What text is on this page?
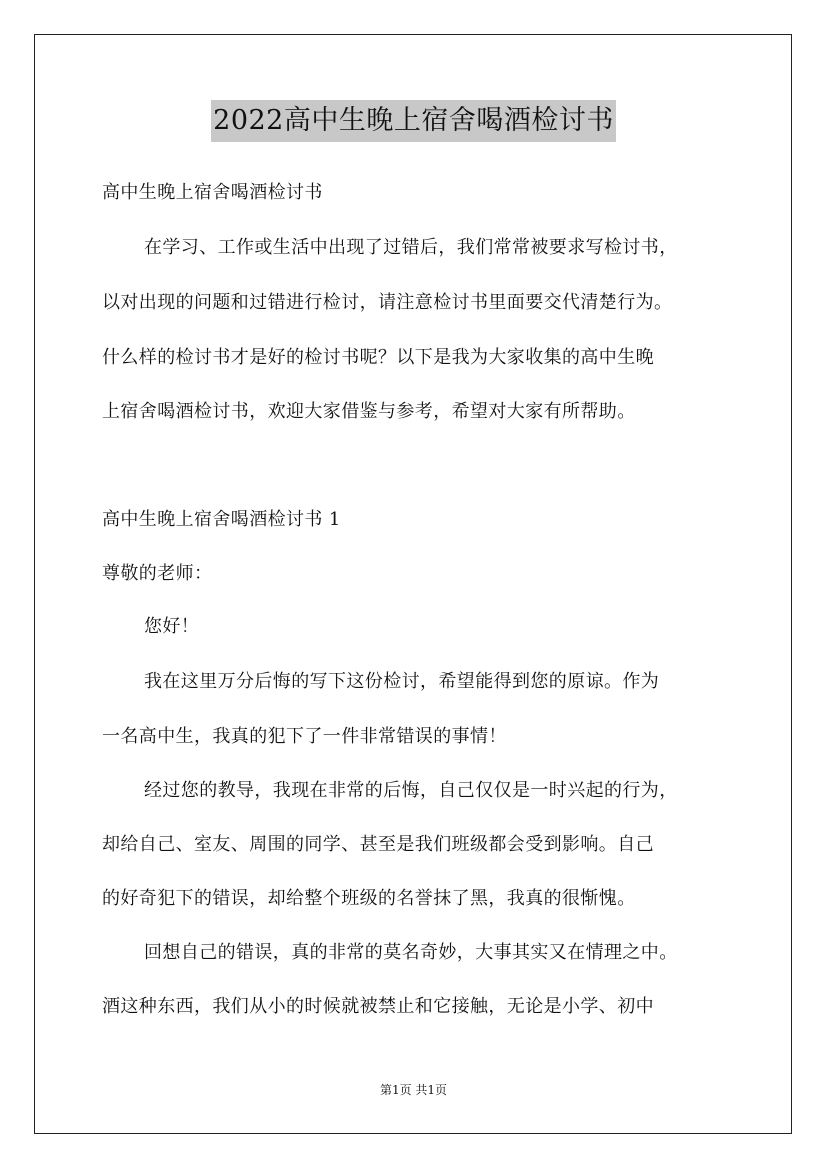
2022高中生晚上宿舍喝酒检讨书
高中生晚上宿舍喝酒检讨书
在学习、工作或生活中出现了过错后，我们常常被要求写检讨书，
以对出现的问题和过错进行检讨，请注意检讨书里面要交代清楚行为。
什么样的检讨书才是好的检讨书呢？以下是我为大家收集的高中生晚
上宿舍喝酒检讨书，欢迎大家借鉴与参考，希望对大家有所帮助。
高中生晚上宿舍喝酒检讨书 1
尊敬的老师：
您好！
我在这里万分后悔的写下这份检讨，希望能得到您的原谅。作为
一名高中生，我真的犯下了一件非常错误的事情！
经过您的教导，我现在非常的后悔，自己仅仅是一时兴起的行为，
却给自己、室友、周围的同学、甚至是我们班级都会受到影响。自己
的好奇犯下的错误，却给整个班级的名誉抹了黑，我真的很惭愧。
回想自己的错误，真的非常的莫名奇妙，大事其实又在情理之中。
酒这种东西，我们从小的时候就被禁止和它接触，无论是小学、初中
第1页 共1页
